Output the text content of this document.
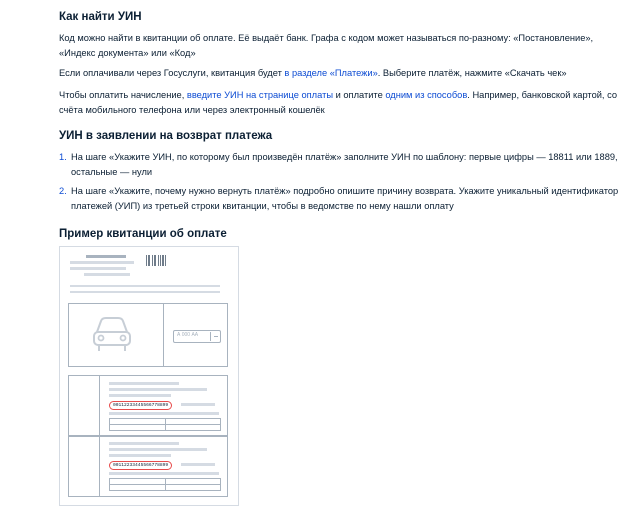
Как найти УИН

Код можно найти в квитанции об оплате. Её выдаёт банк. Графа с кодом может называться по-разному: «Постановление», «Индекс документа» или «Код»

Если оплачивали через Госуслуги, квитанция будет в разделе «Платежи». Выберите платёж, нажмите «Скачать чек»

Чтобы оплатить начисление, введите УИН на странице оплаты и оплатите одним из способов. Например, банковской картой, со счёта мобильного телефона или через электронный кошелёк

УИН в заявлении на возврат платежа
1. На шаге «Укажите УИН, по которому был произведён платёж» заполните УИН по шаблону: первые цифры — 18811 или 1889, остальные — нули
2. На шаге «Укажите, почему нужно вернуть платёж» подробно опишите причину возврата. Укажите уникальный идентификатор платежей (УИП) из третьей строки квитанции, чтобы в ведомстве по нему нашли оплату
Пример квитанции об оплате
А 000 АА
00112233445566778899
00112233445566778899
